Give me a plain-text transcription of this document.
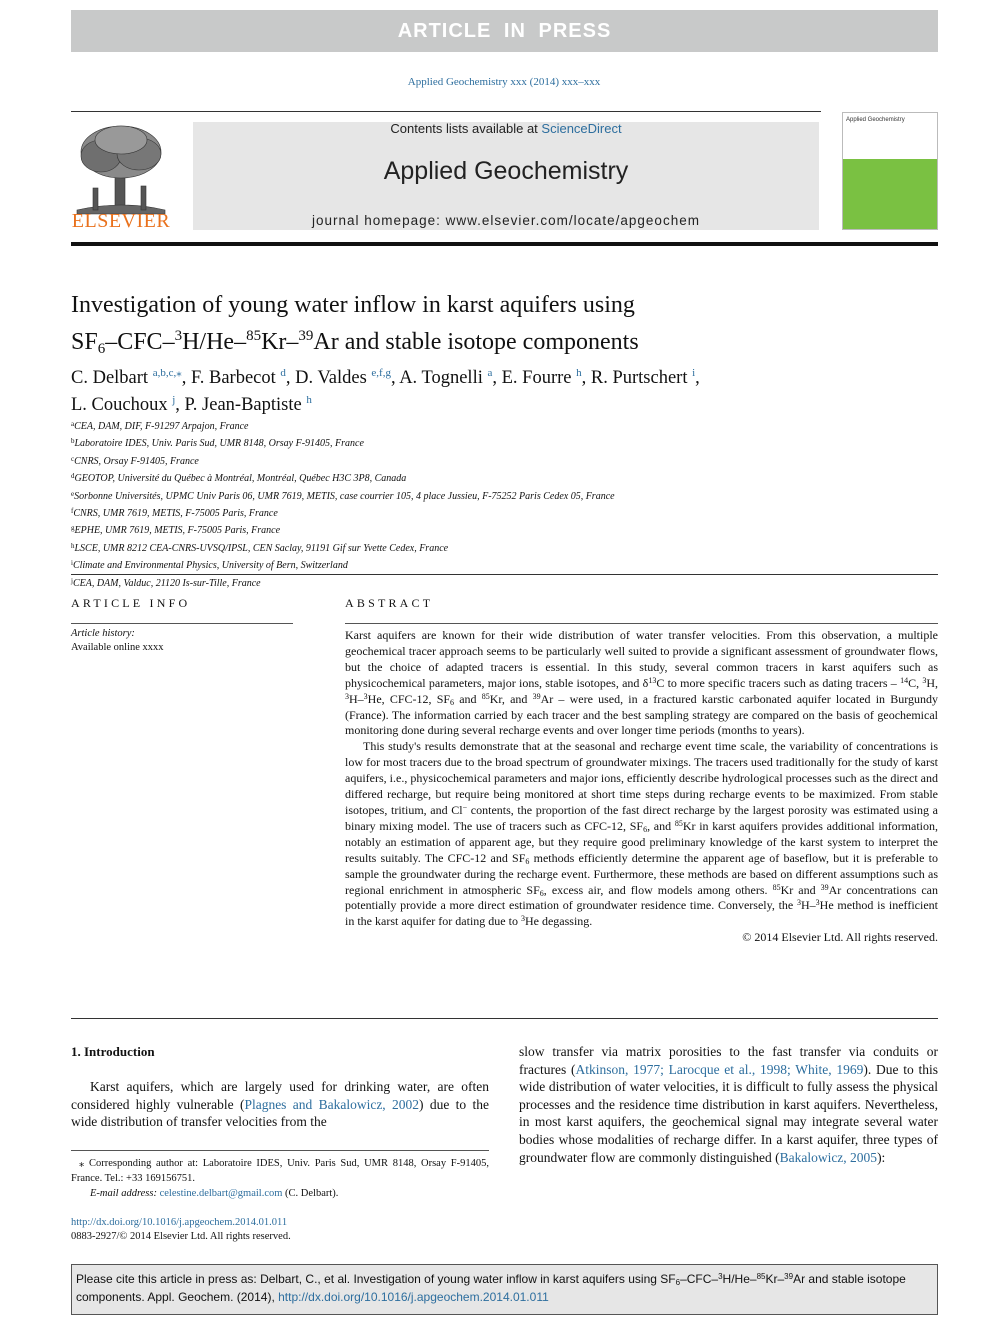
ARTICLE IN PRESS
Applied Geochemistry xxx (2014) xxx–xxx
ELSEVIER
Contents lists available at ScienceDirect
Applied Geochemistry
journal homepage: www.elsevier.com/locate/apgeochem
Applied Geochemistry
Investigation of young water inflow in karst aquifers using
$SF_6-CFC-^3H/He-^{85}Kr-^{39}Ar$ and stable isotope components
C. Delbart $^{a,b,c,⁎}$, F. Barbecot $^d$, D. Valdes $^{e,f,g}$, A. Tognelli $^a$, E. Fourre $^h$, R. Purtschert $^i$,
L. Couchoux $^j$, P. Jean-Baptiste $^h$
$^a$CEA, DAM, DIF, F-91297 Arpajon, France
$^b$Laboratoire IDES, Univ. Paris Sud, UMR 8148, Orsay F-91405, France
$^c$CNRS, Orsay F-91405, France
$^d$GEOTOP, Université du Québec à Montréal, Montréal, Québec H3C 3P8, Canada
$^e$Sorbonne Universités, UPMC Univ Paris 06, UMR 7619, METIS, case courrier 105, 4 place Jussieu, F-75252 Paris Cedex 05, France
$^f$CNRS, UMR 7619, METIS, F-75005 Paris, France
$^g$EPHE, UMR 7619, METIS, F-75005 Paris, France
$^h$LSCE, UMR 8212 CEA-CNRS-UVSQ/IPSL, CEN Saclay, 91191 Gif sur Yvette Cedex, France
$^i$Climate and Environmental Physics, University of Bern, Switzerland
$^j$CEA, DAM, Valduc, 21120 Is-sur-Tille, France
ARTICLE INFO
Article history:
Available online xxxx
ABSTRACT

Karst aquifers are known for their wide distribution of water transfer velocities. From this observation, a multiple geochemical tracer approach seems to be particularly well suited to provide a significant assessment of groundwater flows, but the choice of adapted tracers is essential. In this study, several common tracers in karst aquifers such as physicochemical parameters, major ions, stable isotopes, and $\delta^{13}C$ to more specific tracers such as dating tracers – $^{14}$C, $^3$H, $^3$H–$^3$He, CFC-12, $SF_6$ and $^{85}$Kr, and $^{39}$Ar – were used, in a fractured karstic carbonated aquifer located in Burgundy (France). The information carried by each tracer and the best sampling strategy are compared on the basis of geochemical monitoring done during several recharge events and over longer time periods (months to years).

This study's results demonstrate that at the seasonal and recharge event time scale, the variability of concentrations is low for most tracers due to the broad spectrum of groundwater mixings. The tracers used traditionally for the study of karst aquifers, i.e., physicochemical parameters and major ions, efficiently describe hydrological processes such as the direct and differed recharge, but require being monitored at short time steps during recharge events to be maximized. From stable isotopes, tritium, and Cl− contents, the proportion of the fast direct recharge by the largest porosity was estimated using a binary mixing model. The use of tracers such as CFC-12, $SF_6$, and $^{85}$Kr in karst aquifers provides additional information, notably an estimation of apparent age, but they require good preliminary knowledge of the karst system to interpret the results suitably. The CFC-12 and $SF_6$ methods efficiently determine the apparent age of baseflow, but it is preferable to sample the groundwater during the recharge event. Furthermore, these methods are based on different assumptions such as regional enrichment in atmospheric $SF_6$, excess air, and flow models among others. $^{85}$Kr and $^{39}$Ar concentrations can potentially provide a more direct estimation of groundwater residence time. Conversely, the $^3$H–$^3$He method is inefficient in the karst aquifer for dating due to $^3$He degassing.

© 2014 Elsevier Ltd. All rights reserved.

1. Introduction

Karst aquifers, which are largely used for drinking water, are often considered highly vulnerable (Plagnes and Bakalowicz, 2002) due to the wide distribution of transfer velocities from the

slow transfer via matrix porosities to the fast transfer via conduits or fractures (Atkinson, 1977; Larocque et al., 1998; White, 1969). Due to this wide distribution of water velocities, it is difficult to fully assess the physical processes and the residence time distribution in karst aquifers. Nevertheless, in most karst aquifers, the geochemical signal may integrate several water bodies whose modalities of recharge differ. In a karst aquifer, three types of groundwater flow are commonly distinguished (Bakalowicz, 2005):
⁎ Corresponding author at: Laboratoire IDES, Univ. Paris Sud, UMR 8148, Orsay F-91405, France. Tel.: +33 169156751.
E-mail address: celestine.delbart@gmail.com (C. Delbart).
http://dx.doi.org/10.1016/j.apgeochem.2014.01.011
0883-2927/© 2014 Elsevier Ltd. All rights reserved.
Please cite this article in press as: Delbart, C., et al. Investigation of young water inflow in karst aquifers using $SF_6-CFC-^3H/He-^{85}Kr-^{39}Ar$ and stable isotope components. Appl. Geochem. (2014), http://dx.doi.org/10.1016/j.apgeochem.2014.01.011
